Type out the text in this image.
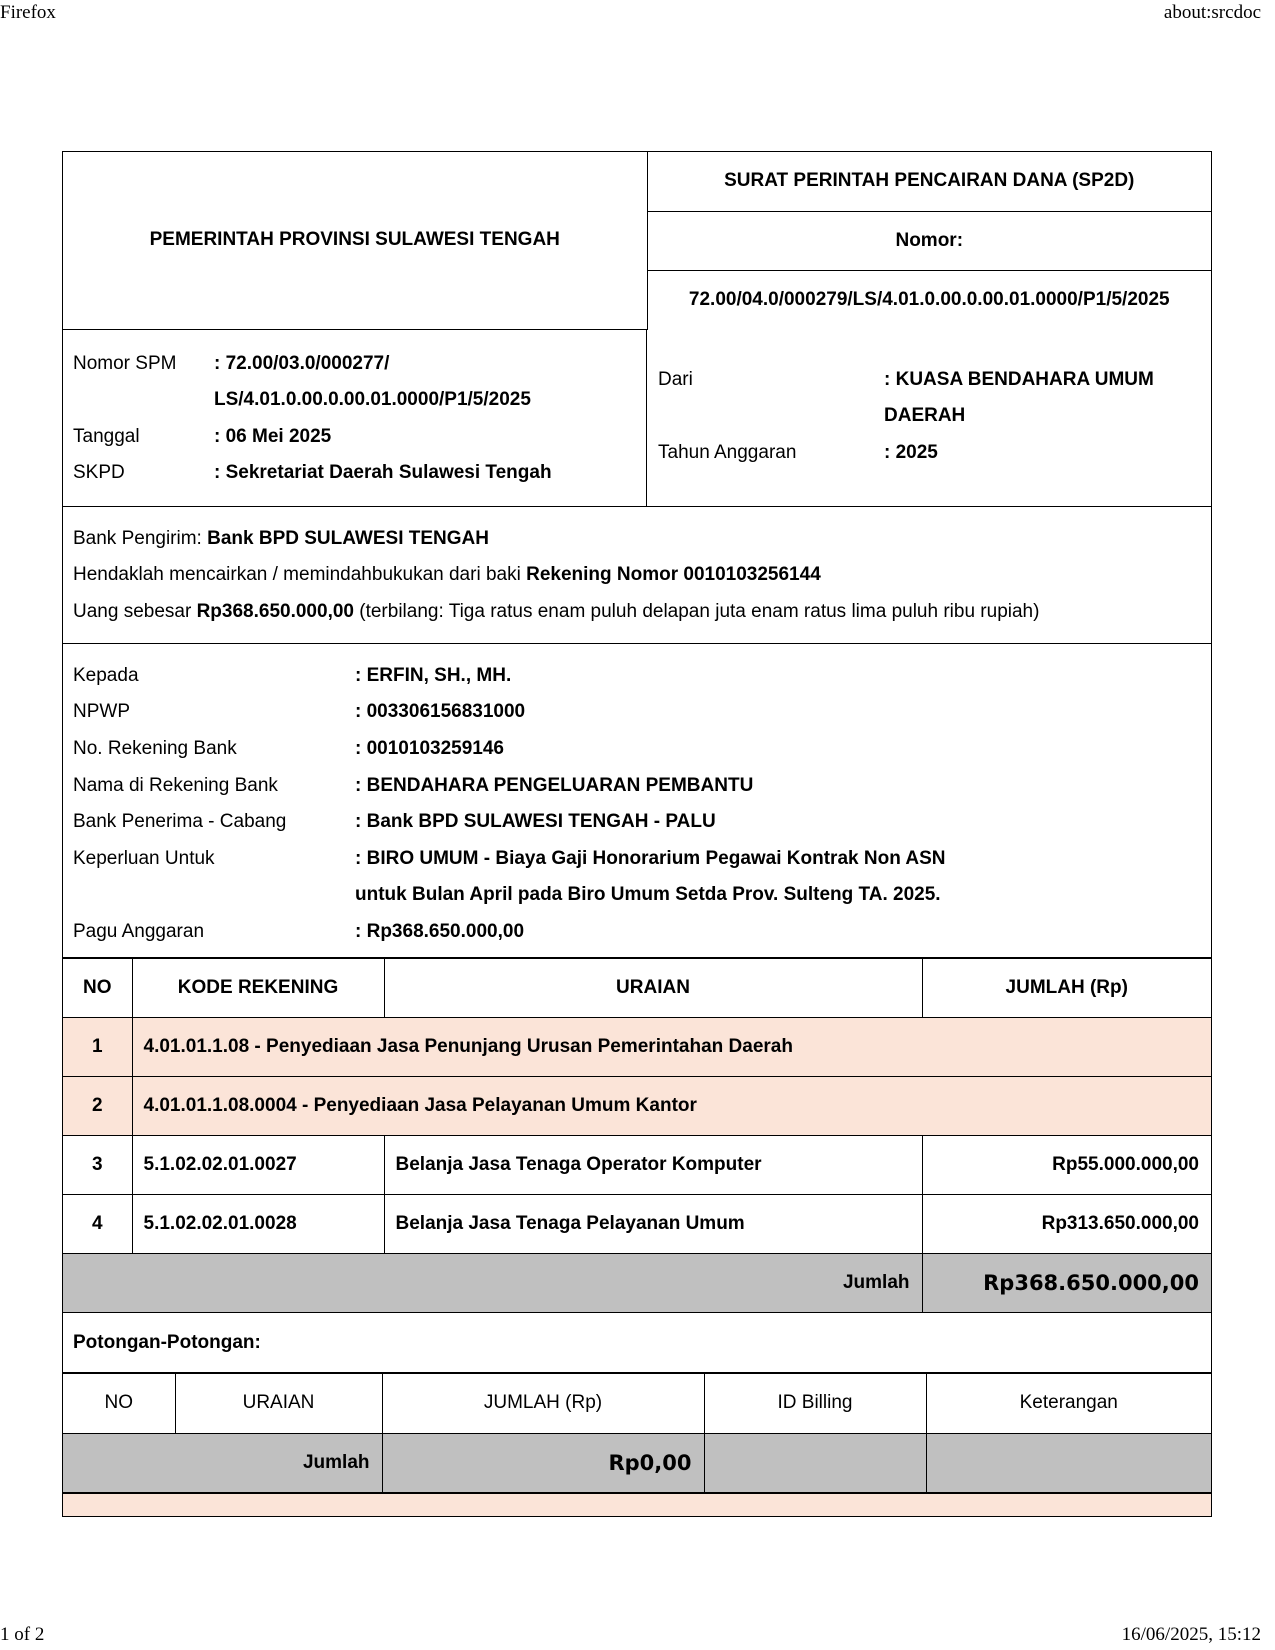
Firefox	about:srcdoc
PEMERINTAH PROVINSI SULAWESI TENGAH	SURAT PERINTAH PENCAIRAN DANA (SP2D)
Nomor:
72.00/04.0/000279/LS/4.01.0.00.0.00.01.0000/P1/5/2025
Nomor SPM	: 72.00/03.0/000277/
LS/4.01.0.00.0.00.01.0000/P1/5/2025
Tanggal	: 06 Mei 2025
SKPD	: Sekretariat Daerah Sulawesi Tengah
Dari	: KUASA BENDAHARA UMUM
DAERAH
Tahun Anggaran	: 2025
Bank Pengirim: Bank BPD SULAWESI TENGAH
Hendaklah mencairkan / memindahbukukan dari baki Rekening Nomor 0010103256144
Uang sebesar Rp368.650.000,00 (terbilang: Tiga ratus enam puluh delapan juta enam ratus lima puluh ribu rupiah)
Kepada	: ERFIN, SH., MH.
NPWP	: 003306156831000
No. Rekening Bank	: 0010103259146
Nama di Rekening Bank	: BENDAHARA PENGELUARAN PEMBANTU
Bank Penerima - Cabang	: Bank BPD SULAWESI TENGAH - PALU
Keperluan Untuk	: BIRO UMUM - Biaya Gaji Honorarium Pegawai Kontrak Non ASN
untuk Bulan April pada Biro Umum Setda Prov. Sulteng TA. 2025.
Pagu Anggaran	: Rp368.650.000,00
NO	KODE REKENING	URAIAN	JUMLAH (Rp)
1	4.01.01.1.08 - Penyediaan Jasa Penunjang Urusan Pemerintahan Daerah		
2	4.01.01.1.08.0004 - Penyediaan Jasa Pelayanan Umum Kantor		
3	5.1.02.02.01.0027	Belanja Jasa Tenaga Operator Komputer	Rp55.000.000,00
4	5.1.02.02.01.0028	Belanja Jasa Tenaga Pelayanan Umum	Rp313.650.000,00
Jumlah			Rp368.650.000,00
Potongan-Potongan:
NO	URAIAN	JUMLAH (Rp)	ID Billing	Keterangan
Jumlah		Rp0,00		
1 of 2	16/06/2025, 15:12
